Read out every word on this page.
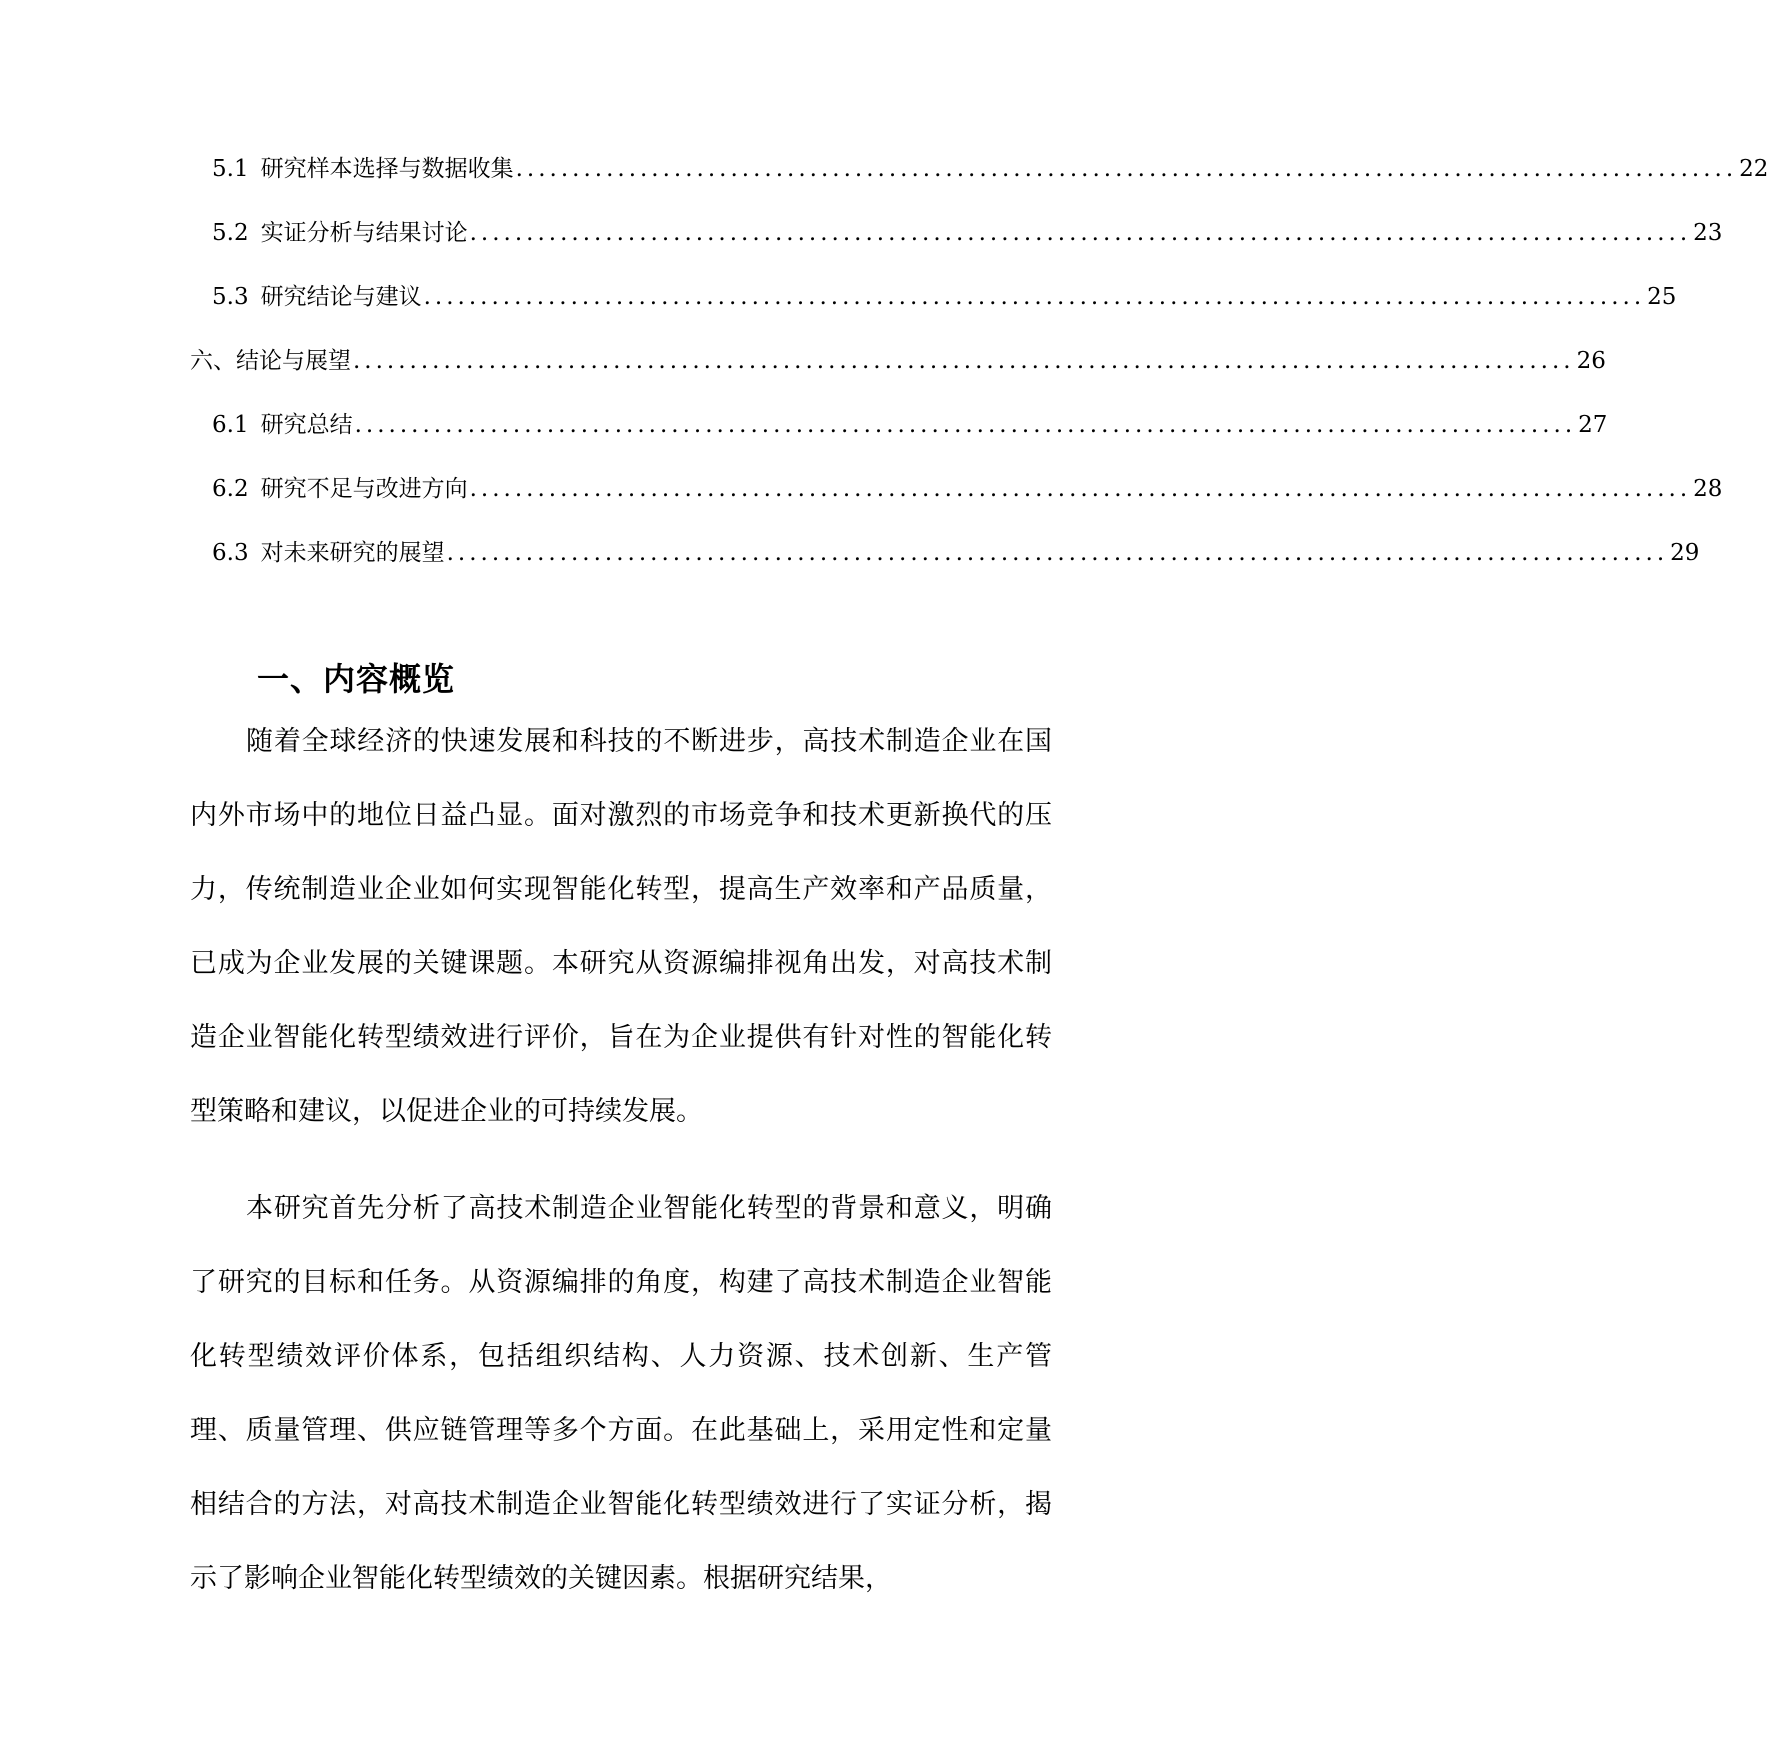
5.1 研究样本选择与数据收集 ............................................................................................................ 22
5.2 实证分析与结果讨论 ............................................................................................................ 23
5.3 研究结论与建议 ............................................................................................................ 25
六、结论与展望 ............................................................................................................ 26
6.1 研究总结 ............................................................................................................ 27
6.2 研究不足与改进方向 ............................................................................................................ 28
6.3 对未来研究的展望 ............................................................................................................ 29
一、内容概览

随着全球经济的快速发展和科技的不断进步，高技术制造企业在国内外市场中的地位日益凸显。面对激烈的市场竞争和技术更新换代的压力，传统制造业企业如何实现智能化转型，提高生产效率和产品质量，已成为企业发展的关键课题。本研究从资源编排视角出发，对高技术制造企业智能化转型绩效进行评价，旨在为企业提供有针对性的智能化转型策略和建议，以促进企业的可持续发展。

本研究首先分析了高技术制造企业智能化转型的背景和意义，明确了研究的目标和任务。从资源编排的角度，构建了高技术制造企业智能化转型绩效评价体系，包括组织结构、人力资源、技术创新、生产管理、质量管理、供应链管理等多个方面。在此基础上，采用定性和定量相结合的方法，对高技术制造企业智能化转型绩效进行了实证分析，揭示了影响企业智能化转型绩效的关键因素。根据研究结果，
